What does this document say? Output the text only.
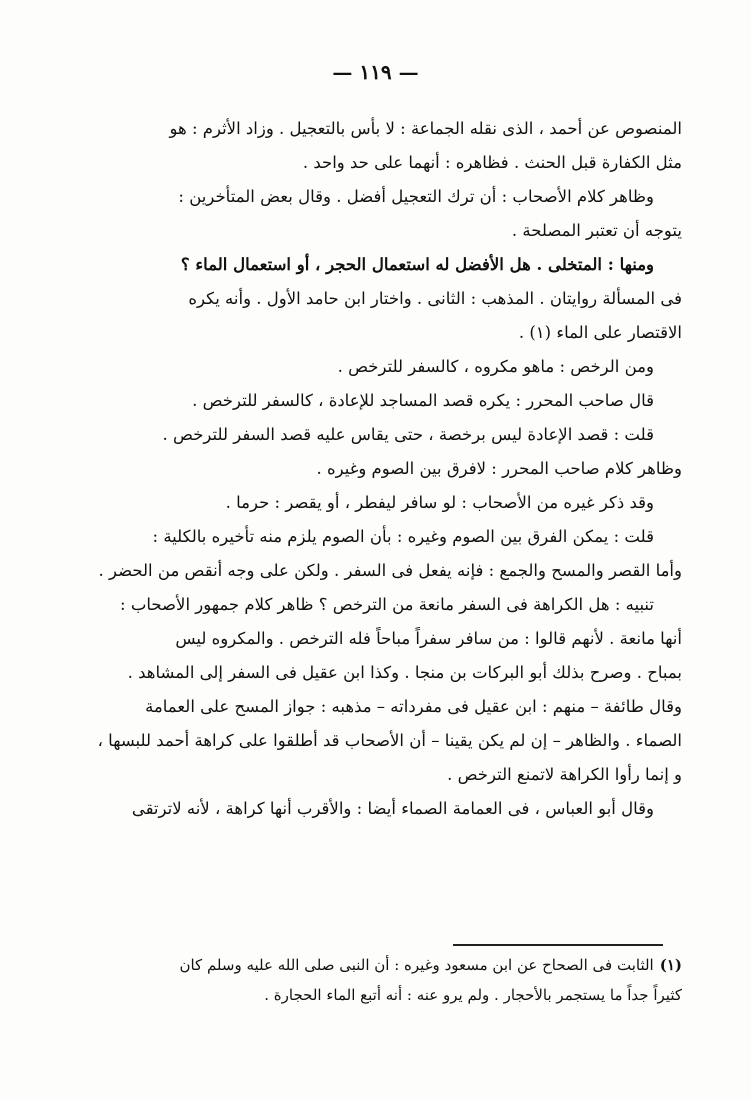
— ١١٩ —
المنصوص عن أحمد ، الذى نقله الجماعة : لا بأس بالتعجيل . وزاد الأثرم : هو
مثل الكفارة قبل الحنث . فظاهره : أنهما على حد واحد .
وظاهر كلام الأصحاب : أن ترك التعجيل أفضل . وقال بعض المتأخرين :
يتوجه أن تعتبر المصلحة .
ومنها : المتخلى . هل الأفضل له استعمال الحجر ، أو استعمال الماء ؟
فى المسألة روايتان . المذهب : الثانى . واختار ابن حامد الأول . وأنه يكره
الاقتصار على الماء (١) .
ومن الرخص : ماهو مكروه ، كالسفر للترخص .
قال صاحب المحرر : يكره قصد المساجد للإعادة ، كالسفر للترخص .
قلت : قصد الإعادة ليس برخصة ، حتى يقاس عليه قصد السفر للترخص .
وظاهر كلام صاحب المحرر : لافرق بين الصوم وغيره .
وقد ذكر غيره من الأصحاب : لو سافر ليفطر ، أو يقصر : حرما .
قلت : يمكن الفرق بين الصوم وغيره : بأن الصوم يلزم منه تأخيره بالكلية :
وأما القصر والمسح والجمع : فإنه يفعل فى السفر . ولكن على وجه أنقص من الحضر .
تنبيه : هل الكراهة فى السفر مانعة من الترخص ؟ ظاهر كلام جمهور الأصحاب :
أنها مانعة . لأنهم قالوا : من سافر سفراً مباحاً فله الترخص . والمكروه ليس
بمباح . وصرح بذلك أبو البركات بن منجا . وكذا ابن عقيل فى السفر إلى المشاهد .
وقال طائفة – منهم : ابن عقيل فى مفرداته – مذهبه : جواز المسح على العمامة
الصماء . والظاهر – إن لم يكن يقينا – أن الأصحاب قد أطلقوا على كراهة أحمد للبسها ،
و إنما رأوا الكراهة لاتمنع الترخص .
وقال أبو العباس ، فى العمامة الصماء أيضا : والأقرب أنها كراهة ، لأنه لاترتقى
(١)الثابت فى الصحاح عن ابن مسعود وغيره : أن النبى صلى الله عليه وسلم كان
كثيراً جداً ما يستجمر بالأحجار . ولم يرو عنه : أنه أتبع الماء الحجارة .
